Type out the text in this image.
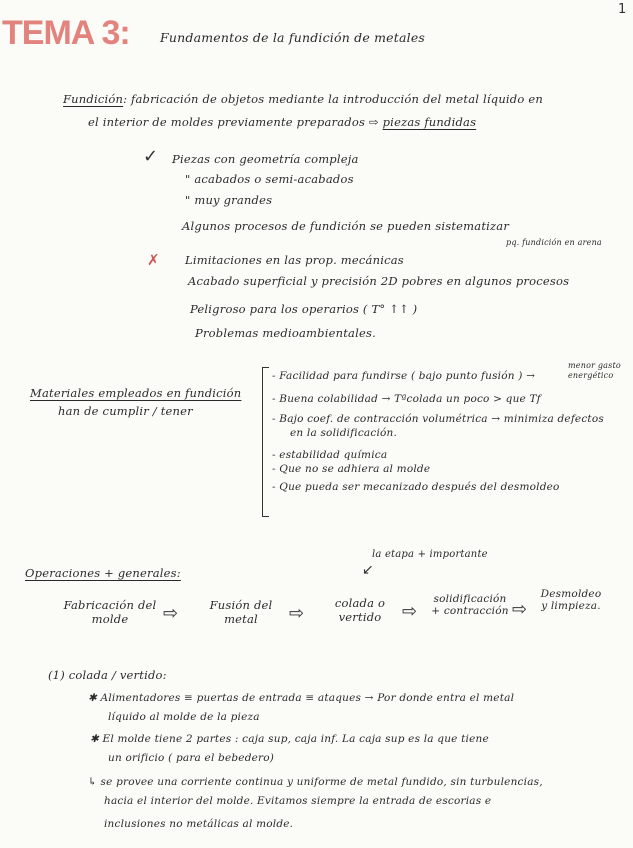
1
TEMA 3: Fundamentos de la fundición de metales
Fundición: fabricación de objetos mediante la introducción del metal líquido en
el interior de moldes previamente preparados ⇨ piezas fundidas
✓ Piezas con geometría compleja
" acabados o semi-acabados
" muy grandes
Algunos procesos de fundición se pueden sistematizar
pq. fundición en arena
✗ Limitaciones en las prop. mecánicas
Acabado superficial y precisión 2D pobres en algunos procesos
Peligroso para los operarios ( T° ↑↑ )
Problemas medioambientales.
Materiales empleados en fundición
han de cumplir / tener
- Facilidad para fundirse ( bajo punto fusión ) →
menor gasto
energético
- Buena colabilidad → Tªcolada un poco > que Tf
- Bajo coef. de contracción volumétrica → minimiza defectos
en la solidificación.
- estabilidad química
- Que no se adhiera al molde
- Que pueda ser mecanizado después del desmoldeo
la etapa + importante
↙
Operaciones + generales:
Fabricación del
molde	⇨	Fusión del
metal	⇨	colada o
vertido	⇨
solidificación
+ contracción ⇨
Desmoldeo
y limpieza.
(1) colada / vertido:
✱ Alimentadores ≡ puertas de entrada ≡ ataques → Por donde entra el metal
líquido al molde de la pieza
✱ El molde tiene 2 partes : caja sup, caja inf. La caja sup es la que tiene
un orificio ( para el bebedero)
↳ se provee una corriente continua y uniforme de metal fundido, sin turbulencias,
hacia el interior del molde. Evitamos siempre la entrada de escorias e
inclusiones no metálicas al molde.
